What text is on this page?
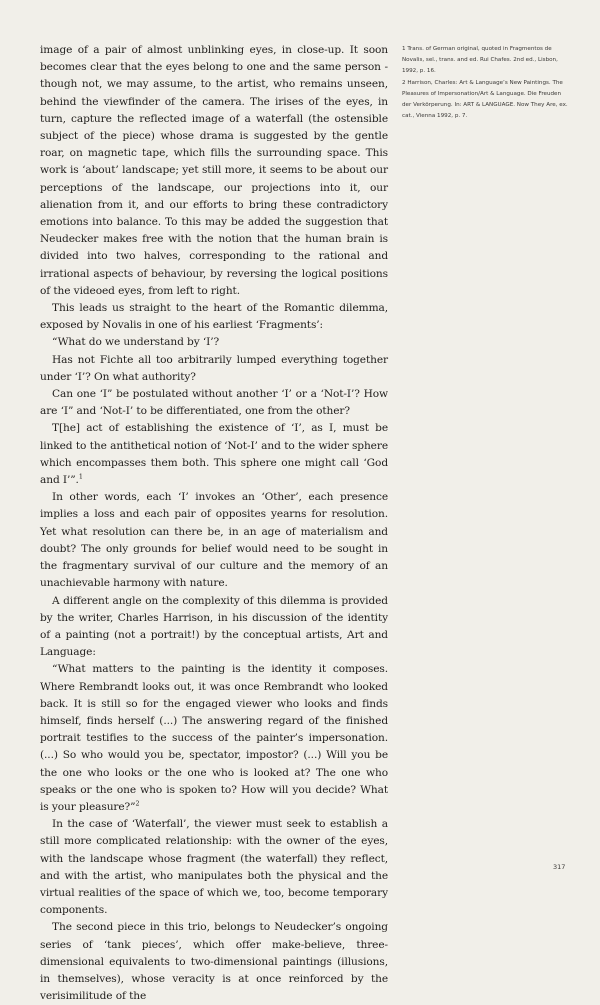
image of a pair of almost unblinking eyes, in close-up. It soon becomes clear that the eyes belong to one and the same person - though not, we may assume, to the artist, who remains unseen, behind the viewfinder of the camera. The irises of the eyes, in turn, capture the reflected image of a waterfall (the ostensible subject of the piece) whose drama is suggested by the gentle roar, on magnetic tape, which fills the surrounding space. This work is ‘about’ landscape; yet still more, it seems to be about our perceptions of the landscape, our projections into it, our alienation from it, and our efforts to bring these contradictory emotions into balance. To this may be added the suggestion that Neudecker makes free with the notion that the human brain is divided into two halves, corresponding to the rational and irrational aspects of behaviour, by reversing the logical positions of the videoed eyes, from left to right.

This leads us straight to the heart of the Romantic dilemma, exposed by Novalis in one of his earliest ‘Fragments’:

“What do we understand by ‘I’?

Has not Fichte all too arbitrarily lumped everything together under ‘I’? On what authority?

Can one ‘I” be postulated without another ‘I’ or a ‘Not-I’? How are ‘I” and ‘Not-I’ to be differentiated, one from the other?

T[he] act of establishing the existence of ‘I’, as I, must be linked to the antithetical notion of ‘Not-I’ and to the wider sphere which encompasses them both. This sphere one might call ‘God and I’”.$^1$

In other words, each ‘I’ invokes an ‘Other’, each presence implies a loss and each pair of opposites yearns for resolution. Yet what resolution can there be, in an age of materialism and doubt? The only grounds for belief would need to be sought in the fragmentary survival of our culture and the memory of an unachievable harmony with nature.

A different angle on the complexity of this dilemma is provided by the writer, Charles Harrison, in his discussion of the identity of a painting (not a portrait!) by the conceptual artists, Art and Language:

“What matters to the painting is the identity it composes. Where Rembrandt looks out, it was once Rembrandt who looked back. It is still so for the engaged viewer who looks and finds himself, finds herself (...) The answering regard of the finished portrait testifies to the success of the painter’s impersonation. (...) So who would you be, spectator, impostor? (...) Will you be the one who looks or the one who is looked at? The one who speaks or the one who is spoken to? How will you decide? What is your pleasure?”$^2$

In the case of ‘Waterfall’, the viewer must seek to establish a still more complicated relationship: with the owner of the eyes, with the landscape whose fragment (the waterfall) they reflect, and with the artist, who manipulates both the physical and the virtual realities of the space of which we, too, become temporary components.

The second piece in this trio, belongs to Neudecker’s ongoing series of ‘tank pieces’, which offer make-believe, three-dimensional equivalents to two-dimensional paintings (illusions, in themselves), whose veracity is at once reinforced by the verisimilitude of the

1 Trans. of German original, quoted in Fragmentos de Novalis, sel., trans. and ed. Rui Chafes. 2nd ed., Lisbon, 1992, p. 16.

2 Harrison, Charles: Art & Language’s New Paintings. The Pleasures of Impersonation/Art & Language. Die Freuden der Verkörperung. In: ART & LANGUAGE. Now They Are, ex. cat., Vienna 1992, p. 7.

317
